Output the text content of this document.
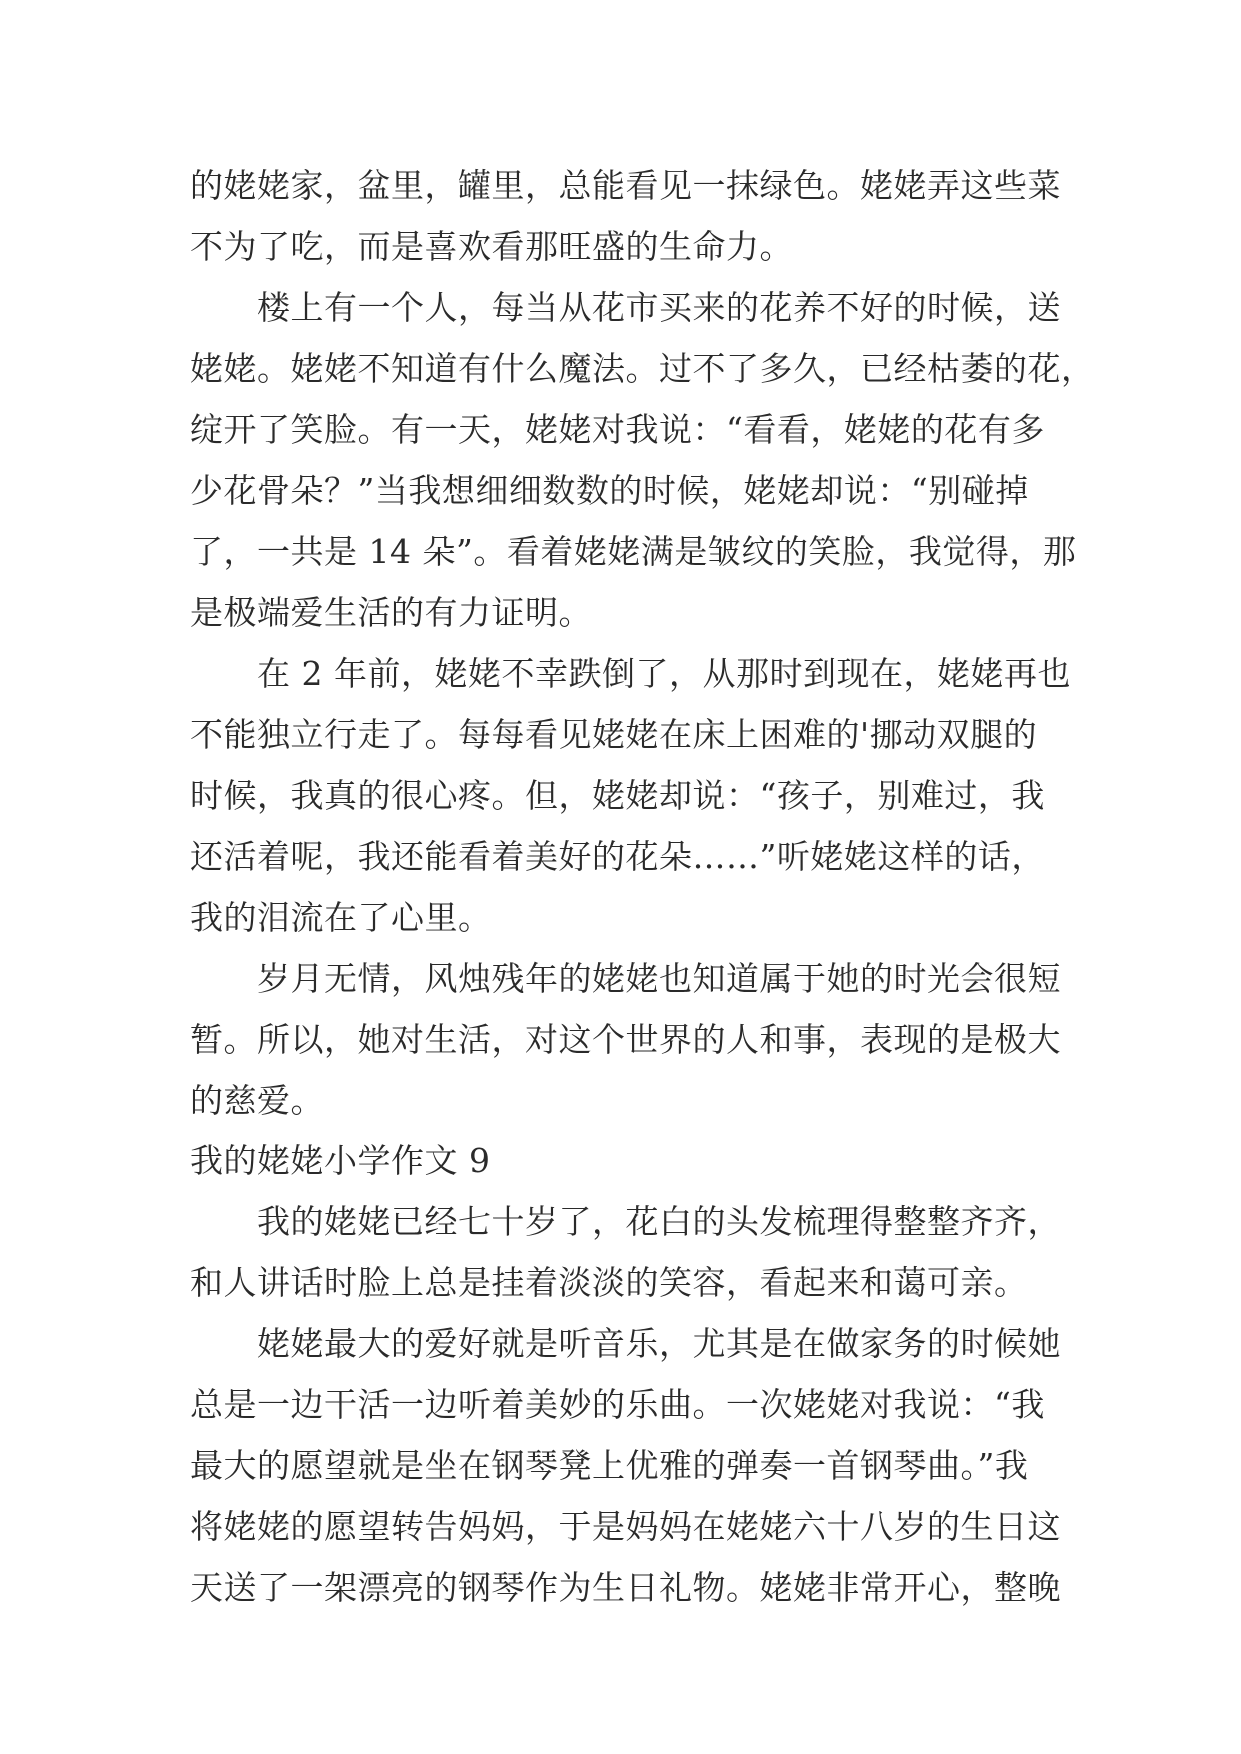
的姥姥家，盆里，罐里，总能看见一抹绿色。姥姥弄这些菜
不为了吃，而是喜欢看那旺盛的生命力。
　　楼上有一个人，每当从花市买来的花养不好的时候，送
姥姥。姥姥不知道有什么魔法。过不了多久，已经枯萎的花，
绽开了笑脸。有一天，姥姥对我说：“看看，姥姥的花有多
少花骨朵？”当我想细细数数的时候，姥姥却说：“别碰掉
了，一共是 14 朵”。看着姥姥满是皱纹的笑脸，我觉得，那
是极端爱生活的有力证明。
　　在 2 年前，姥姥不幸跌倒了，从那时到现在，姥姥再也
不能独立行走了。每每看见姥姥在床上困难的'挪动双腿的
时候，我真的很心疼。但，姥姥却说：“孩子，别难过，我
还活着呢，我还能看着美好的花朵……”听姥姥这样的话，
我的泪流在了心里。
　　岁月无情，风烛残年的姥姥也知道属于她的时光会很短
暂。所以，她对生活，对这个世界的人和事，表现的是极大
的慈爱。
我的姥姥小学作文 9
　　我的姥姥已经七十岁了，花白的头发梳理得整整齐齐，
和人讲话时脸上总是挂着淡淡的笑容，看起来和蔼可亲。
　　姥姥最大的爱好就是听音乐，尤其是在做家务的时候她
总是一边干活一边听着美妙的乐曲。一次姥姥对我说：“我
最大的愿望就是坐在钢琴凳上优雅的弹奏一首钢琴曲。”我
将姥姥的愿望转告妈妈，于是妈妈在姥姥六十八岁的生日这
天送了一架漂亮的钢琴作为生日礼物。姥姥非常开心，整晚
